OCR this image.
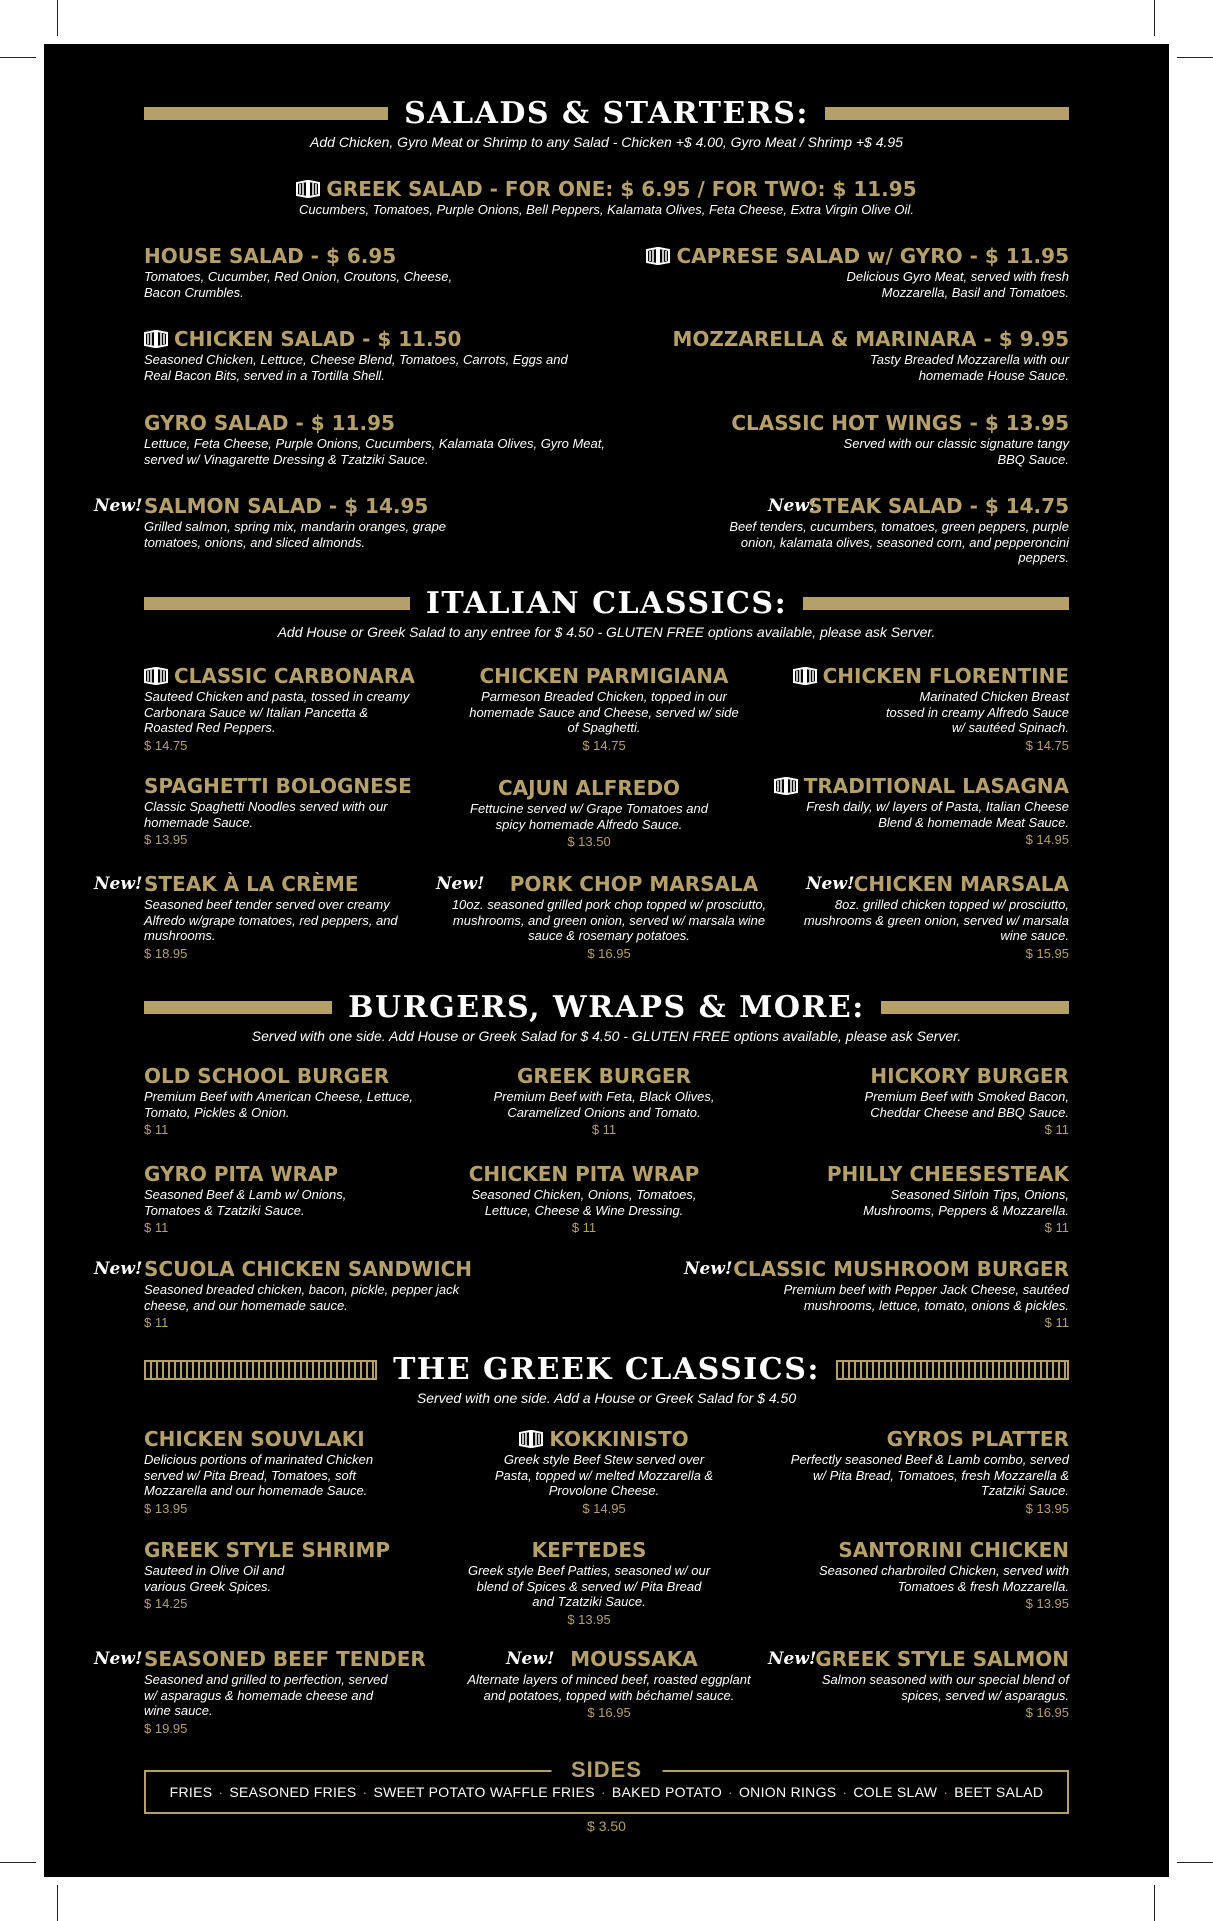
SALADS & STARTERS:
Add Chicken, Gyro Meat or Shrimp to any Salad - Chicken +$ 4.00, Gyro Meat / Shrimp +$ 4.95
GREEK SALAD - FOR ONE: $ 6.95 / FOR TWO: $ 11.95
Cucumbers, Tomatoes, Purple Onions, Bell Peppers, Kalamata Olives, Feta Cheese, Extra Virgin Olive Oil.
HOUSE SALAD - $ 6.95
Tomatoes, Cucumber, Red Onion, Croutons, Cheese, Bacon Crumbles.
CAPRESE SALAD w/ GYRO - $ 11.95
Delicious Gyro Meat, served with fresh Mozzarella, Basil and Tomatoes.
CHICKEN SALAD - $ 11.50
Seasoned Chicken, Lettuce, Cheese Blend, Tomatoes, Carrots, Eggs and Real Bacon Bits, served in a Tortilla Shell.
MOZZARELLA & MARINARA - $ 9.95
Tasty Breaded Mozzarella with our homemade House Sauce.
GYRO SALAD - $ 11.95
Lettuce, Feta Cheese, Purple Onions, Cucumbers, Kalamata Olives, Gyro Meat, served w/ Vinagarette Dressing & Tzatziki Sauce.
CLASSIC HOT WINGS - $ 13.95
Served with our classic signature tangy BBQ Sauce.
New! SALMON SALAD - $ 14.95
Grilled salmon, spring mix, mandarin oranges, grape tomatoes, onions, and sliced almonds.
New!
STEAK SALAD - $ 14.75
Beef tenders, cucumbers, tomatoes, green peppers, purple onion, kalamata olives, seasoned corn, and pepperoncini peppers.
ITALIAN CLASSICS:
Add House or Greek Salad to any entree for $ 4.50 - GLUTEN FREE options available, please ask Server.
CLASSIC CARBONARA
Sauteed Chicken and pasta, tossed in creamy Carbonara Sauce w/ Italian Pancetta & Roasted Red Peppers.
$ 14.75
CHICKEN PARMIGIANA
Parmeson Breaded Chicken, topped in our homemade Sauce and Cheese, served w/ side of Spaghetti.
$ 14.75
CHICKEN FLORENTINE
Marinated Chicken Breast tossed in creamy Alfredo Sauce w/ sautéed Spinach.
$ 14.75
SPAGHETTI BOLOGNESE
Classic Spaghetti Noodles served with our homemade Sauce.
$ 13.95
CAJUN ALFREDO
Fettucine served w/ Grape Tomatoes and spicy homemade Alfredo Sauce.
$ 13.50
TRADITIONAL LASAGNA
Fresh daily, w/ layers of Pasta, Italian Cheese Blend & homemade Meat Sauce.
$ 14.95
New! STEAK À LA CRÈME
Seasoned beef tender served over creamy Alfredo w/grape tomatoes, red peppers, and mushrooms.
$ 18.95
New!	PORK CHOP MARSALA
10oz. seasoned grilled pork chop topped w/ prosciutto, mushrooms, and green onion, served w/ marsala wine sauce & rosemary potatoes.
$ 16.95
New! CHICKEN MARSALA
8oz. grilled chicken topped w/ prosciutto, mushrooms & green onion, served w/ marsala wine sauce.
$ 15.95
BURGERS, WRAPS & MORE:
Served with one side. Add House or Greek Salad for $ 4.50 - GLUTEN FREE options available, please ask Server.
OLD SCHOOL BURGER
Premium Beef with American Cheese, Lettuce, Tomato, Pickles & Onion.
$ 11
GREEK BURGER
Premium Beef with Feta, Black Olives, Caramelized Onions and Tomato.
$ 11
HICKORY BURGER
Premium Beef with Smoked Bacon, Cheddar Cheese and BBQ Sauce.
$ 11
GYRO PITA WRAP
Seasoned Beef & Lamb w/ Onions, Tomatoes & Tzatziki Sauce.
$ 11
CHICKEN PITA WRAP
Seasoned Chicken, Onions, Tomatoes, Lettuce, Cheese & Wine Dressing.
$ 11
PHILLY CHEESESTEAK
Seasoned Sirloin Tips, Onions, Mushrooms, Peppers & Mozzarella.
$ 11
New! SCUOLA CHICKEN SANDWICH
Seasoned breaded chicken, bacon, pickle, pepper jack cheese, and our homemade sauce.
$ 11
New! CLASSIC MUSHROOM BURGER
Premium beef with Pepper Jack Cheese, sautéed mushrooms, lettuce, tomato, onions & pickles.
$ 11
THE GREEK CLASSICS:
Served with one side. Add a House or Greek Salad for $ 4.50
CHICKEN SOUVLAKI
Delicious portions of marinated Chicken served w/ Pita Bread, Tomatoes, soft Mozzarella and our homemade Sauce.
$ 13.95
KOKKINISTO
Greek style Beef Stew served over Pasta, topped w/ melted Mozzarella & Provolone Cheese.
$ 14.95
GYROS PLATTER
Perfectly seasoned Beef & Lamb combo, served w/ Pita Bread, Tomatoes, fresh Mozzarella & Tzatziki Sauce.
$ 13.95
GREEK STYLE SHRIMP
Sauteed in Olive Oil and various Greek Spices.
$ 14.25
KEFTEDES
Greek style Beef Patties, seasoned w/ our blend of Spices & served w/ Pita Bread and Tzatziki Sauce.
$ 13.95
SANTORINI CHICKEN
Seasoned charbroiled Chicken, served with Tomatoes & fresh Mozzarella.
$ 13.95
New! SEASONED BEEF TENDER
Seasoned and grilled to perfection, served w/ asparagus & homemade cheese and wine sauce.
$ 19.95
New! MOUSSAKA
Alternate layers of minced beef, roasted eggplant and potatoes, topped with béchamel sauce.
$ 16.95
New!
GREEK STYLE SALMON
Salmon seasoned with our special blend of spices, served w/ asparagus.
$ 16.95
SIDES
FRIES · SEASONED FRIES · SWEET POTATO WAFFLE FRIES · BAKED POTATO · ONION RINGS · COLE SLAW · BEET SALAD
$ 3.50
